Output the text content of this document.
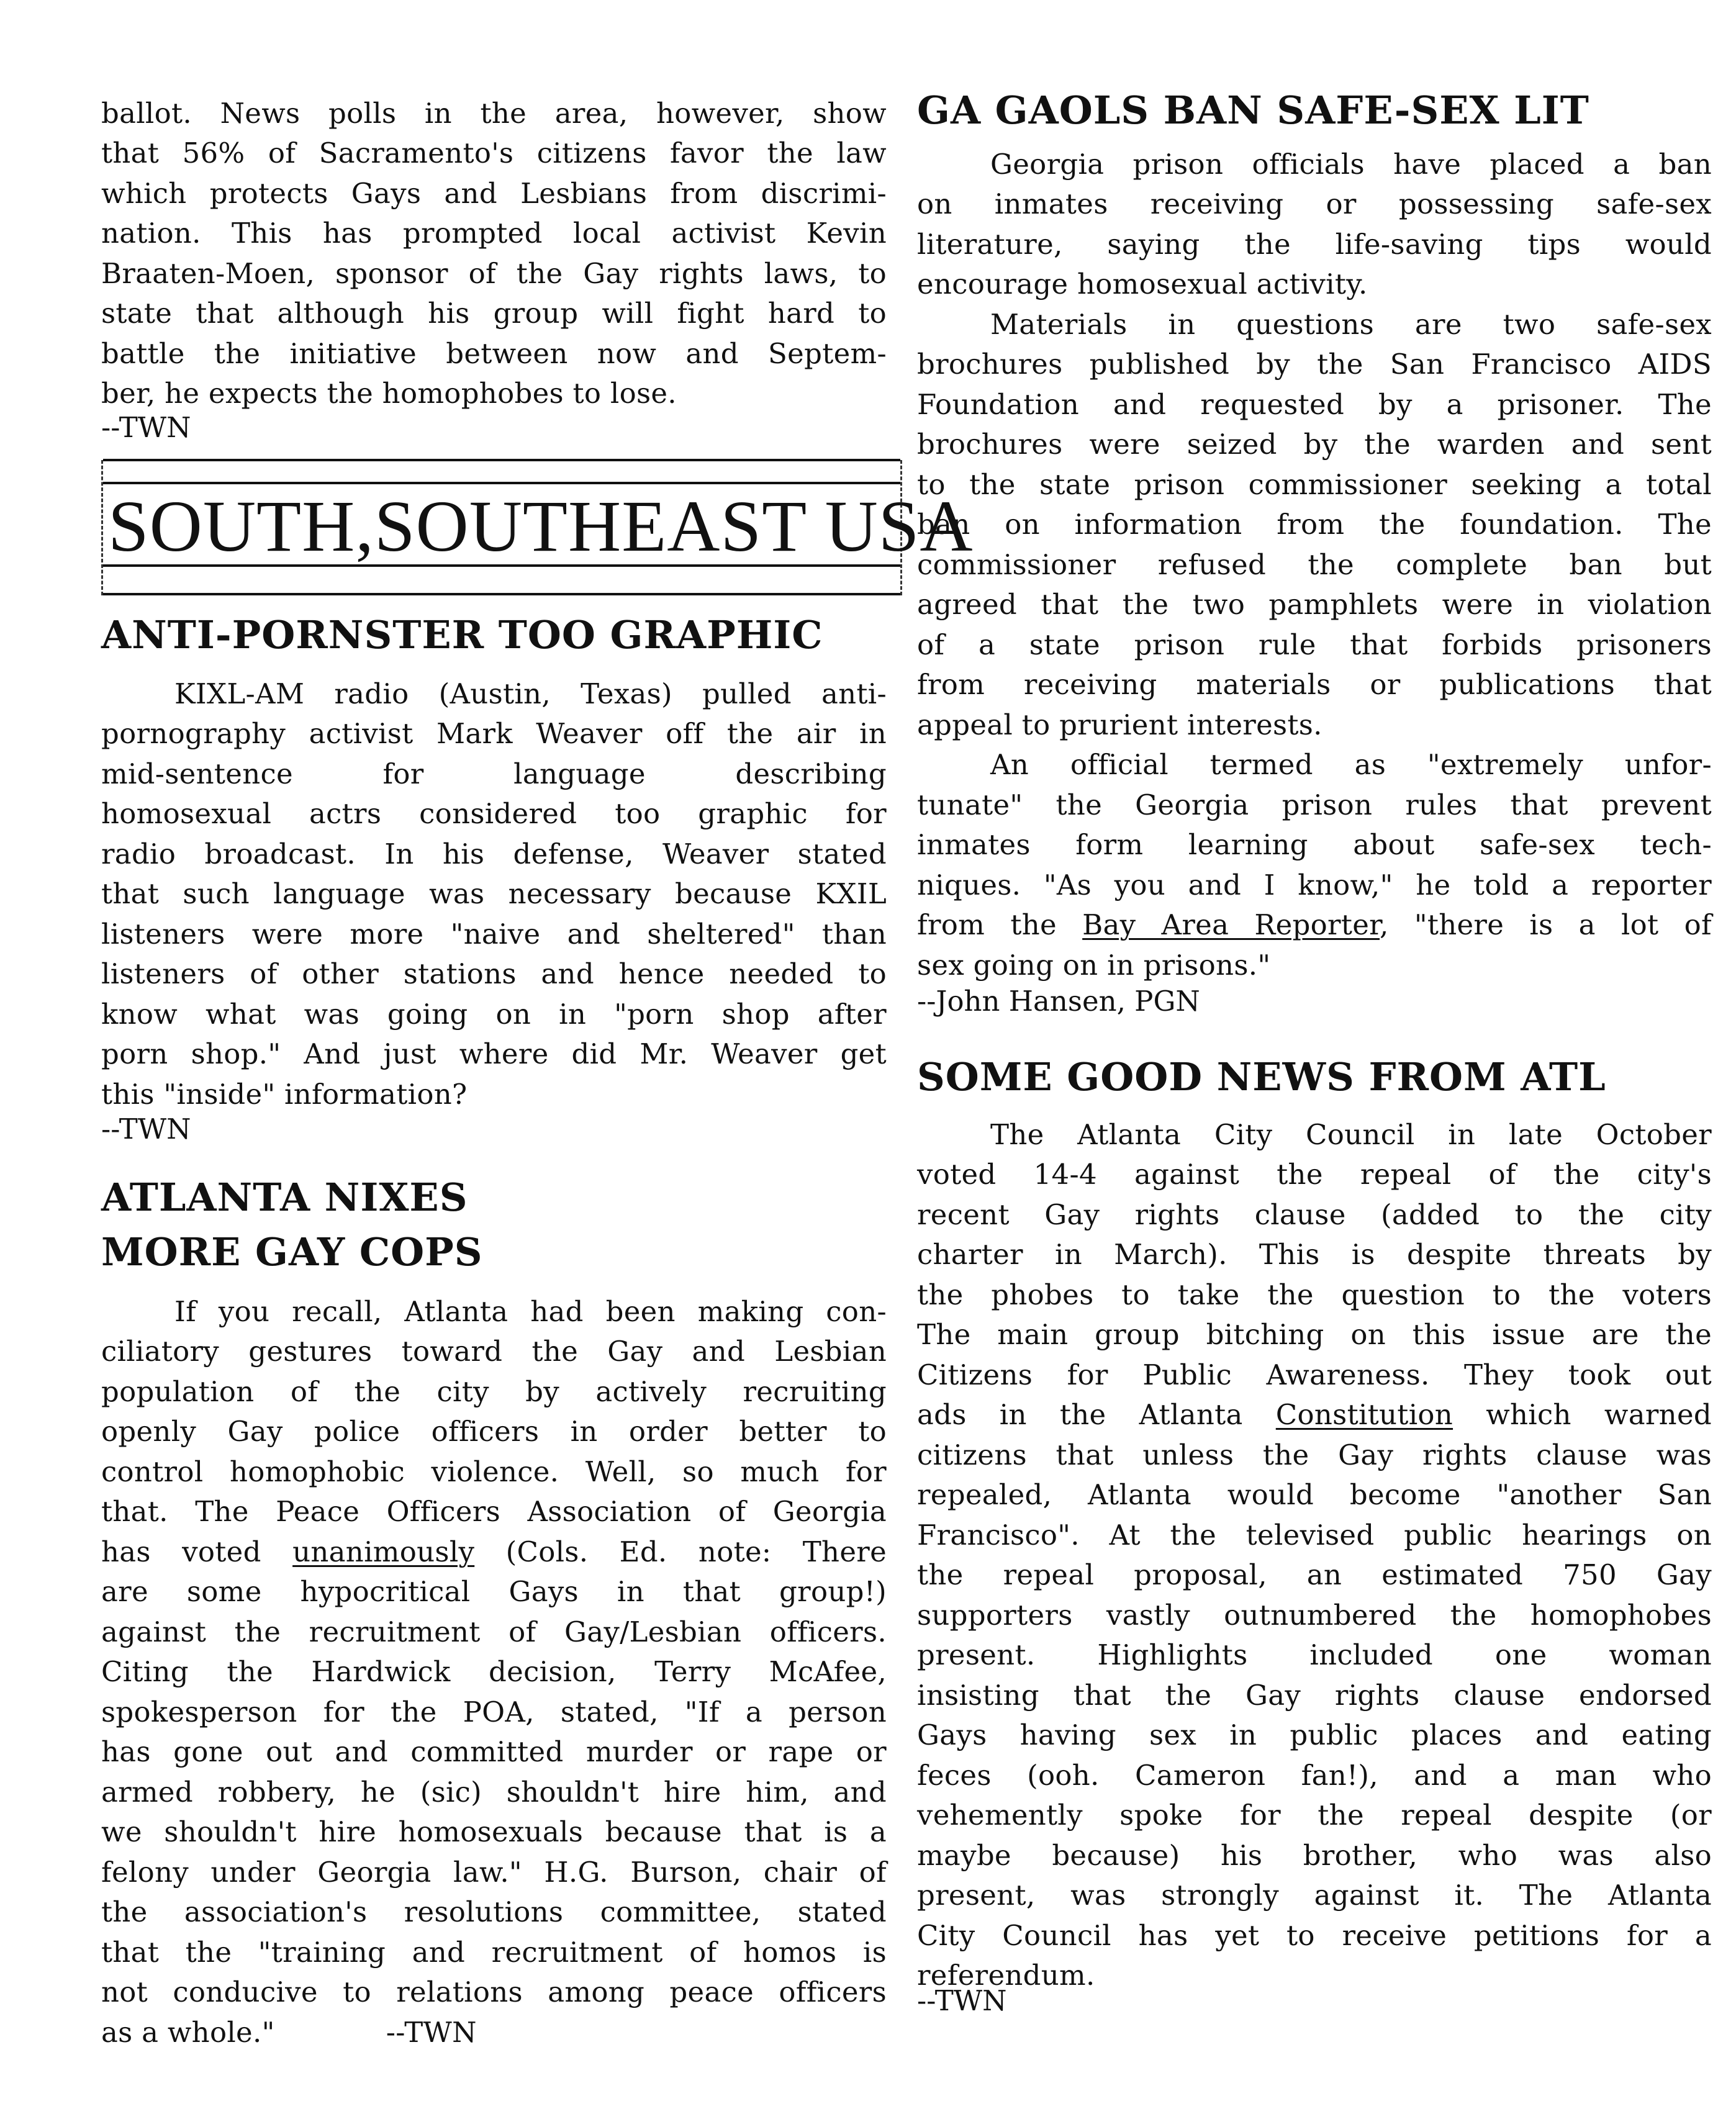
ballot. News polls in the area, however, show
that 56% of Sacramento's citizens favor the law
which protects Gays and Lesbians from discrimi-
nation. This has prompted local activist Kevin
Braaten-Moen, sponsor of the Gay rights laws, to
state that although his group will fight hard to
battle the initiative between now and Septem-
ber, he expects the homophobes to lose.
--TWN
SOUTH,SOUTHEAST USA
ANTI-PORNSTER TOO GRAPHIC
KIXL-AM radio (Austin, Texas) pulled anti-
pornography activist Mark Weaver off the air in
mid-sentence for language describing
homosexual actrs considered too graphic for
radio broadcast. In his defense, Weaver stated
that such language was necessary because KXIL
listeners were more "naive and sheltered" than
listeners of other stations and hence needed to
know what was going on in "porn shop after
porn shop." And just where did Mr. Weaver get
this "inside" information?
--TWN
ATLANTA NIXES
MORE GAY COPS
If you recall, Atlanta had been making con-
ciliatory gestures toward the Gay and Lesbian
population of the city by actively recruiting
openly Gay police officers in order better to
control homophobic violence. Well, so much for
that. The Peace Officers Association of Georgia
has voted unanimously (Cols. Ed. note: There
are some hypocritical Gays in that group!)
against the recruitment of Gay/Lesbian officers.
Citing the Hardwick decision, Terry McAfee,
spokesperson for the POA, stated, "If a person
has gone out and committed murder or rape or
armed robbery, he (sic) shouldn't hire him, and
we shouldn't hire homosexuals because that is a
felony under Georgia law." H.G. Burson, chair of
the association's resolutions committee, stated
that the "training and recruitment of homos is
not conducive to relations among peace officers
as a whole."	--TWN
GA GAOLS BAN SAFE-SEX LIT
Georgia prison officials have placed a ban
on inmates receiving or possessing safe-sex
literature, saying the life-saving tips would
encourage homosexual activity.
Materials in questions are two safe-sex
brochures published by the San Francisco AIDS
Foundation and requested by a prisoner. The
brochures were seized by the warden and sent
to the state prison commissioner seeking a total
ban on information from the foundation. The
commissioner refused the complete ban but
agreed that the two pamphlets were in violation
of a state prison rule that forbids prisoners
from receiving materials or publications that
appeal to prurient interests.
An official termed as "extremely unfor-
tunate" the Georgia prison rules that prevent
inmates form learning about safe-sex tech-
niques. "As you and I know," he told a reporter
from the Bay Area Reporter, "there is a lot of
sex going on in prisons."
--John Hansen, PGN
SOME GOOD NEWS FROM ATL
The Atlanta City Council in late October
voted 14-4 against the repeal of the city's
recent Gay rights clause (added to the city
charter in March). This is despite threats by
the phobes to take the question to the voters
The main group bitching on this issue are the
Citizens for Public Awareness. They took out
ads in the Atlanta Constitution which warned
citizens that unless the Gay rights clause was
repealed, Atlanta would become "another San
Francisco". At the televised public hearings on
the repeal proposal, an estimated 750 Gay
supporters vastly outnumbered the homophobes
present. Highlights included one woman
insisting that the Gay rights clause endorsed
Gays having sex in public places and eating
feces (ooh. Cameron fan!), and a man who
vehemently spoke for the repeal despite (or
maybe because) his brother, who was also
present, was strongly against it. The Atlanta
City Council has yet to receive petitions for a
referendum.
--TWN
